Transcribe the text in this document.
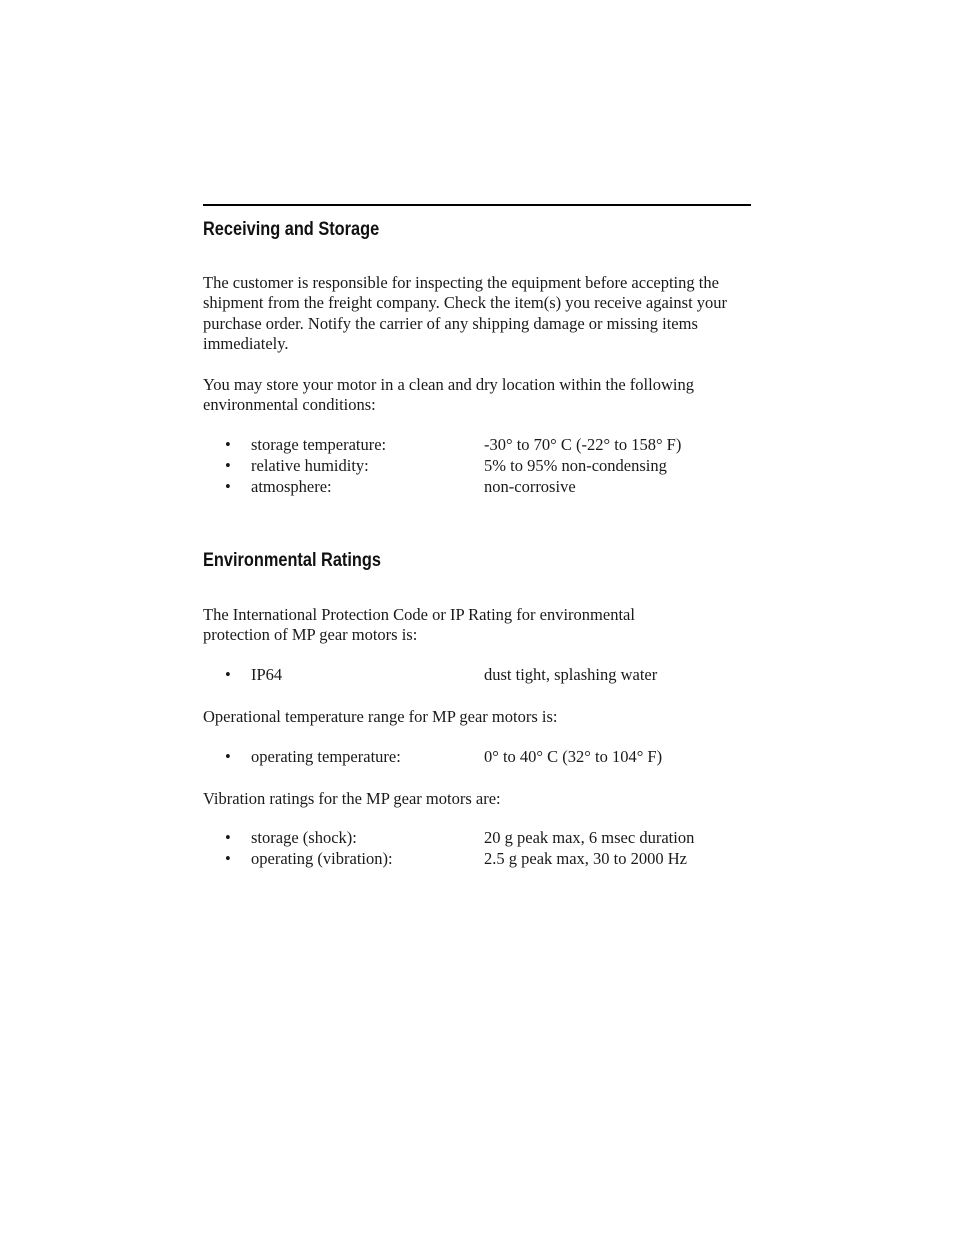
Receiving and Storage

The customer is responsible for inspecting the equipment before accepting the shipment from the freight company. Check the item(s) you receive against your purchase order. Notify the carrier of any shipping damage or missing items immediately.

You may store your motor in a clean and dry location within the following environmental conditions:

• storage temperature:	-30° to 70° C (-22° to 158° F)
• relative humidity:	5% to 95% non-condensing
• atmosphere:	non-corrosive
Environmental Ratings

The International Protection Code or IP Rating for environmental protection of MP gear motors is:

• IP64	dust tight, splashing water

Operational temperature range for MP gear motors is:

• operating temperature:	0° to 40° C (32° to 104° F)

Vibration ratings for the MP gear motors are:

• storage (shock):	20 g peak max, 6 msec duration
• operating (vibration):	2.5 g peak max, 30 to 2000 Hz
